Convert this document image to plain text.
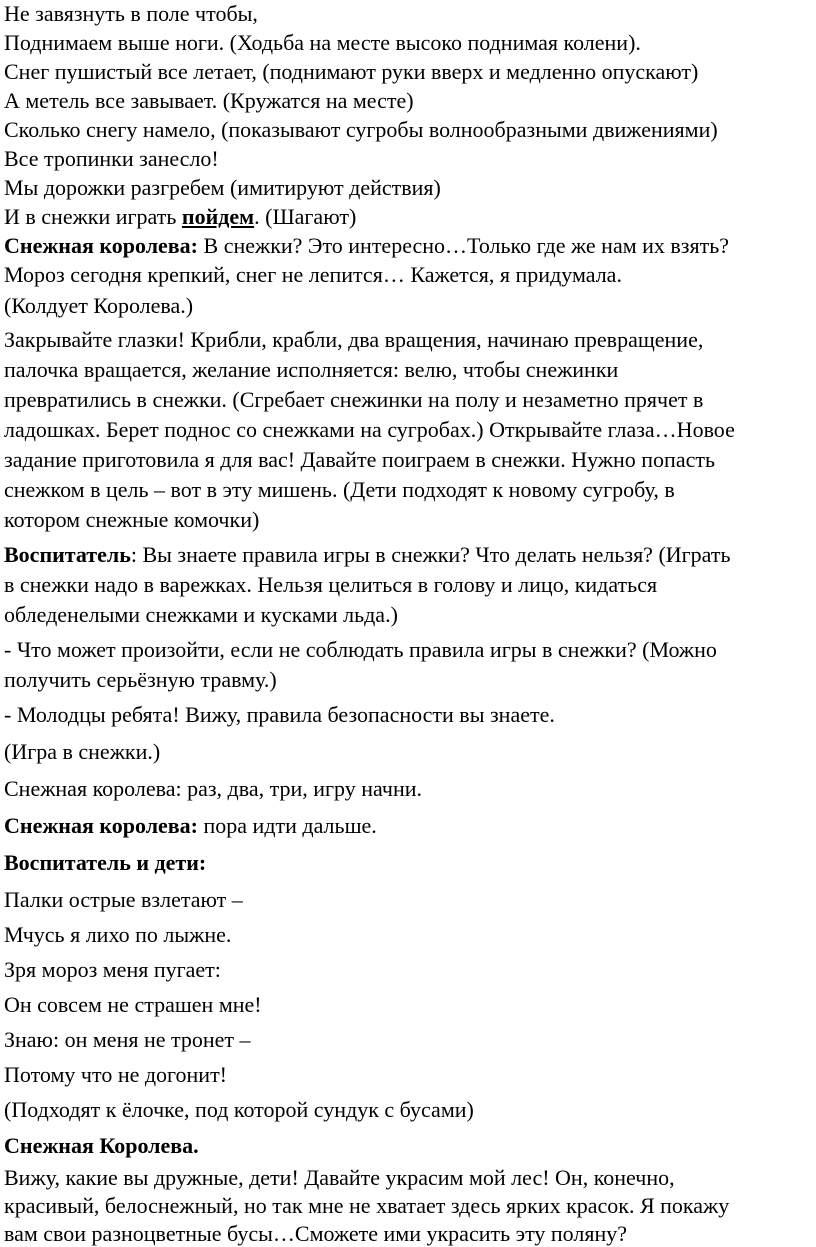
Не завязнуть в поле чтобы,
Поднимаем выше ноги. (Ходьба на месте высоко поднимая колени).
Снег пушистый все летает, (поднимают руки вверх и медленно опускают)
А метель все завывает. (Кружатся на месте)
Сколько снегу намело, (показывают сугробы волнообразными движениями)
Все тропинки занесло!
Мы дорожки разгребем (имитируют действия)
И в снежки играть пойдем. (Шагают)
Снежная королева: В снежки? Это интересно…Только где же нам их взять?
Мороз сегодня крепкий, снег не лепится… Кажется, я придумала.
(Колдует Королева.)
Закрывайте глазки! Крибли, крабли, два вращения, начинаю превращение,
палочка вращается, желание исполняется: велю, чтобы снежинки
превратились в снежки. (Сгребает снежинки на полу и незаметно прячет в
ладошках. Берет поднос со снежками на сугробах.) Открывайте глаза…Новое
задание приготовила я для вас! Давайте поиграем в снежки. Нужно попасть
снежком в цель – вот в эту мишень. (Дети подходят к новому сугробу, в
котором снежные комочки)
Воспитатель: Вы знаете правила игры в снежки? Что делать нельзя? (Играть
в снежки надо в варежках. Нельзя целиться в голову и лицо, кидаться
обледенелыми снежками и кусками льда.)
- Что может произойти, если не соблюдать правила игры в снежки? (Можно
получить серьёзную травму.)
- Молодцы ребята! Вижу, правила безопасности вы знаете.
(Игра в снежки.)
Снежная королева: раз, два, три, игру начни.
Снежная королева: пора идти дальше.
Воспитатель и дети:
Палки острые взлетают –
Мчусь я лихо по лыжне.
Зря мороз меня пугает:
Он совсем не страшен мне!
Знаю: он меня не тронет –
Потому что не догонит!
(Подходят к ёлочке, под которой сундук с бусами)
Снежная Королева.
Вижу, какие вы дружные, дети! Давайте украсим мой лес! Он, конечно,
красивый, белоснежный, но так мне не хватает здесь ярких красок. Я покажу
вам свои разноцветные бусы…Сможете ими украсить эту поляну?
